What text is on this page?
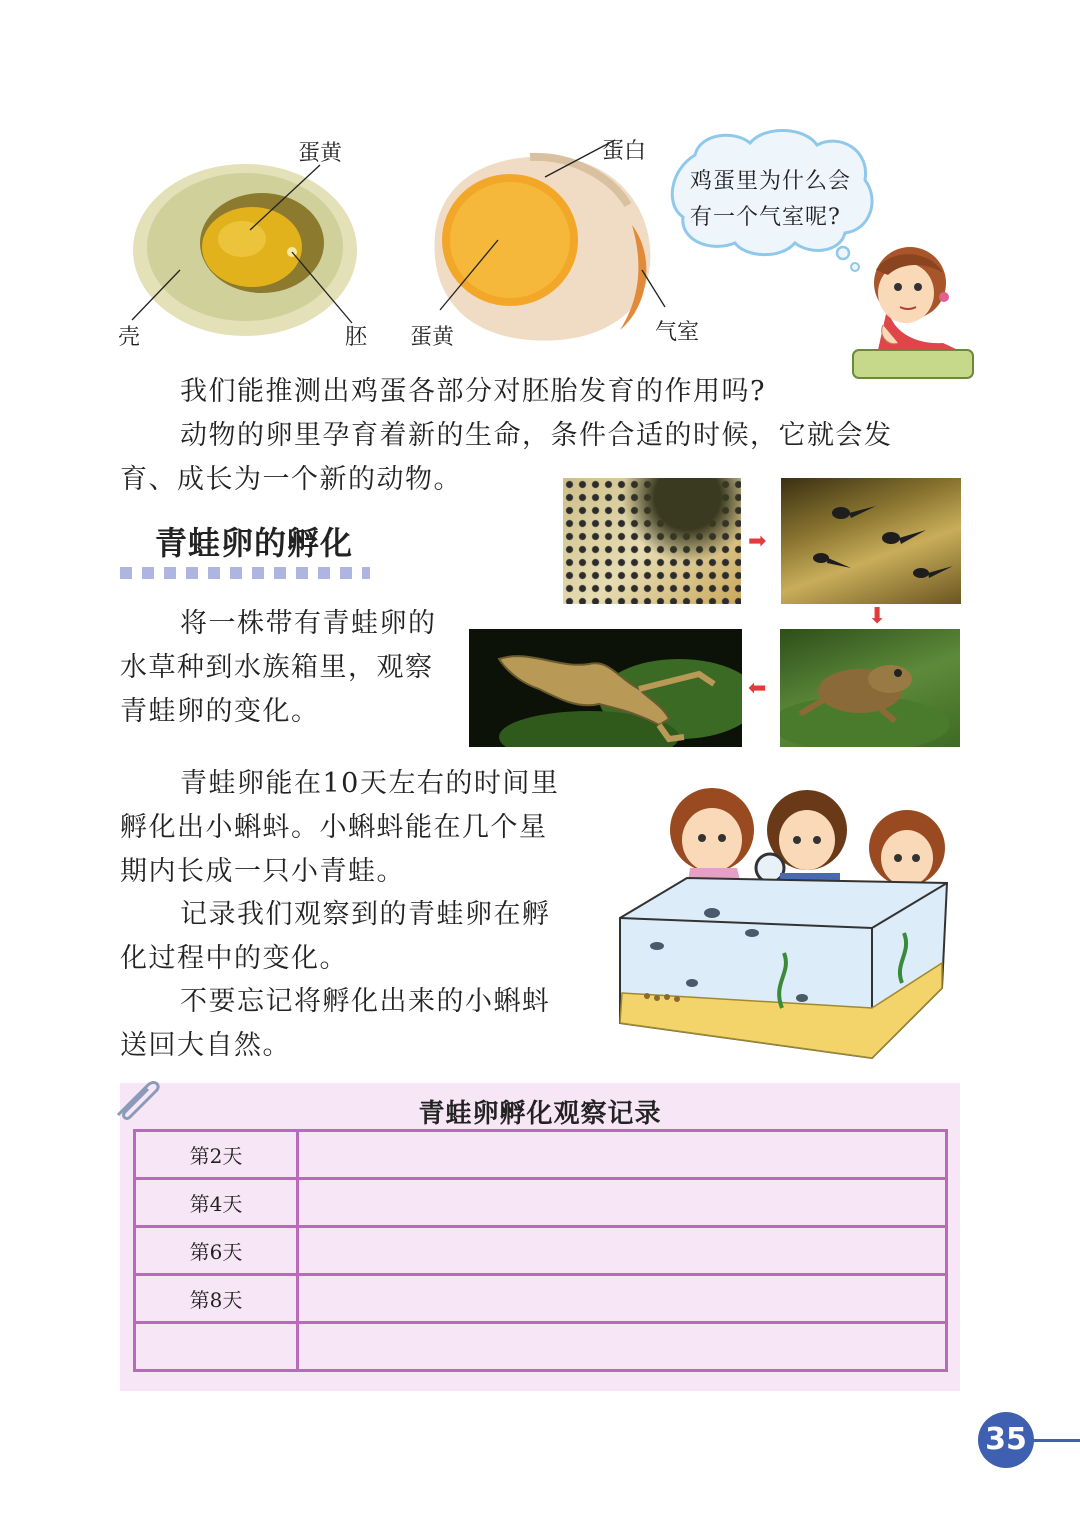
蛋黄
壳	胚
蛋白
蛋黄	气室
鸡蛋里为什么会
有一个气室呢?
我们能推测出鸡蛋各部分对胚胎发育的作用吗?
动物的卵里孕育着新的生命，条件合适的时候，它就会发
育、成长为一个新的动物。
青蛙卵的孵化	➡
⬇
⬅
将一株带有青蛙卵的
水草种到水族箱里，观察
青蛙卵的变化。
青蛙卵能在10天左右的时间里
孵化出小蝌蚪。小蝌蚪能在几个星
期内长成一只小青蛙。
记录我们观察到的青蛙卵在孵
化过程中的变化。
不要忘记将孵化出来的小蝌蚪
送回大自然。
青蛙卵孵化观察记录
第2天	
第4天	
第6天	
第8天	

35
